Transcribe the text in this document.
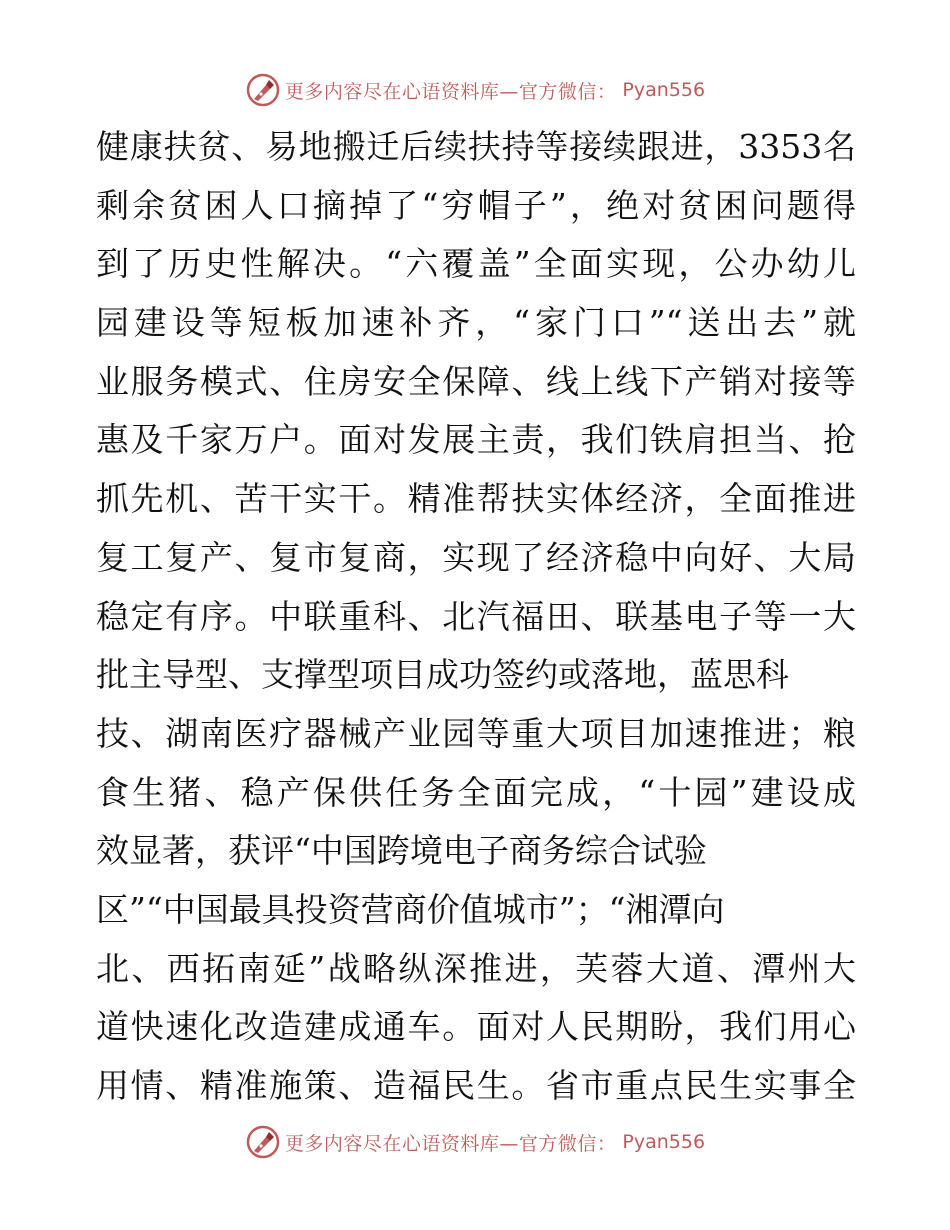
更多内容尽在心语资料库—官方微信： Pyan556
健康扶贫、易地搬迁后续扶持等接续跟进，3353名
剩余贫困人口摘掉了“穷帽子”，绝对贫困问题得
到了历史性解决。“六覆盖”全面实现，公办幼儿
园建设等短板加速补齐，“家门口”“送出去”就
业服务模式、住房安全保障、线上线下产销对接等
惠及千家万户。面对发展主责，我们铁肩担当、抢
抓先机、苦干实干。精准帮扶实体经济，全面推进
复工复产、复市复商，实现了经济稳中向好、大局
稳定有序。中联重科、北汽福田、联基电子等一大
批主导型、支撑型项目成功签约或落地，蓝思科
技、湖南医疗器械产业园等重大项目加速推进；粮
食生猪、稳产保供任务全面完成，“十园”建设成
效显著，获评“中国跨境电子商务综合试验
区”“中国最具投资营商价值城市”；“湘潭向
北、西拓南延”战略纵深推进，芙蓉大道、潭州大
道快速化改造建成通车。面对人民期盼，我们用心
用情、精准施策、造福民生。省市重点民生实事全
更多内容尽在心语资料库—官方微信： Pyan556
